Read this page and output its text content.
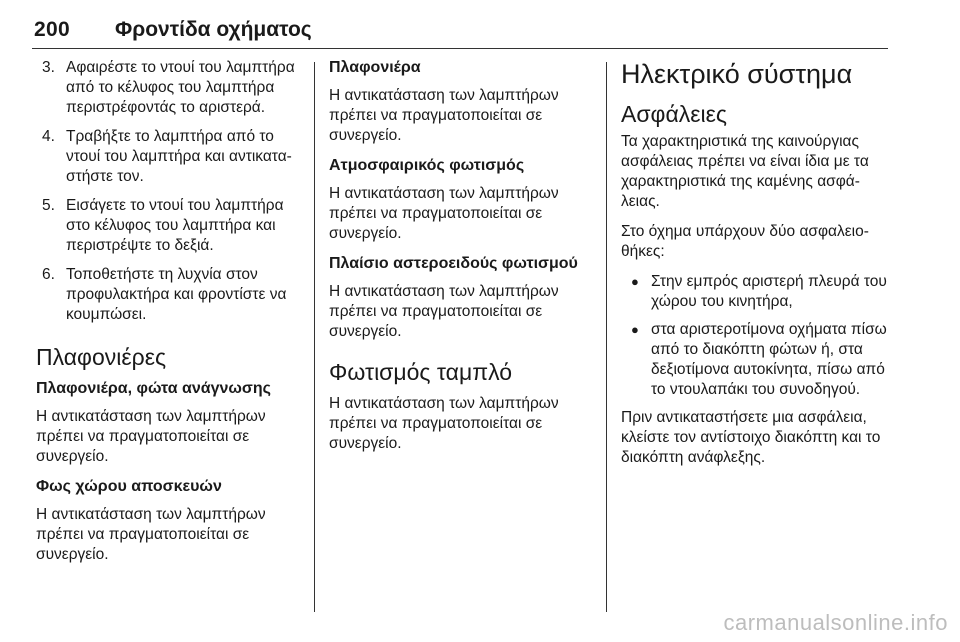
200 Φροντίδα οχήματος
3. Αφαιρέστε το ντουί του λαμπτήρα από το κέλυφος του λαμπτήρα περιστρέφοντάς το αριστερά.
4. Τραβήξτε το λαμπτήρα από το ντουί του λαμπτήρα και αντικατα- στήστε τον.
5. Εισάγετε το ντουί του λαμπτήρα στο κέλυφος του λαμπτήρα και περιστρέψτε το δεξιά.
6. Τοποθετήστε τη λυχνία στον προφυλακτήρα και φροντίστε να κουμπώσει.
Πλαφονιέρες
Πλαφονιέρα, φώτα ανάγνωσης

Η αντικατάσταση των λαμπτήρων πρέπει να πραγματοποιείται σε συνεργείο.

Φως χώρου αποσκευών

Η αντικατάσταση των λαμπτήρων πρέπει να πραγματοποιείται σε συνεργείο.

Πλαφονιέρα

Η αντικατάσταση των λαμπτήρων πρέπει να πραγματοποιείται σε συνεργείο.

Ατμοσφαιρικός φωτισμός

Η αντικατάσταση των λαμπτήρων πρέπει να πραγματοποιείται σε συνεργείο.

Πλαίσιο αστεροειδούς φωτισμού

Η αντικατάσταση των λαμπτήρων πρέπει να πραγματοποιείται σε συνεργείο.

Φωτισμός ταμπλό

Η αντικατάσταση των λαμπτήρων πρέπει να πραγματοποιείται σε συνεργείο.

Ηλεκτρικό σύστημα
Ασφάλειες

Τα χαρακτηριστικά της καινούργιας ασφάλειας πρέπει να είναι ίδια με τα χαρακτηριστικά της καμένης ασφά- λειας.

Στο όχημα υπάρχουν δύο ασφαλειο- θήκες:

● Στην εμπρός αριστερή πλευρά του χώρου του κινητήρα,
● στα αριστεροτίμονα οχήματα πίσω από το διακόπτη φώτων ή, στα δεξιοτίμονα αυτοκίνητα, πίσω από το ντουλαπάκι του συνοδηγού.

Πριν αντικαταστήσετε μια ασφάλεια, κλείστε τον αντίστοιχο διακόπτη και το διακόπτη ανάφλεξης.

carmanualsonline.info
